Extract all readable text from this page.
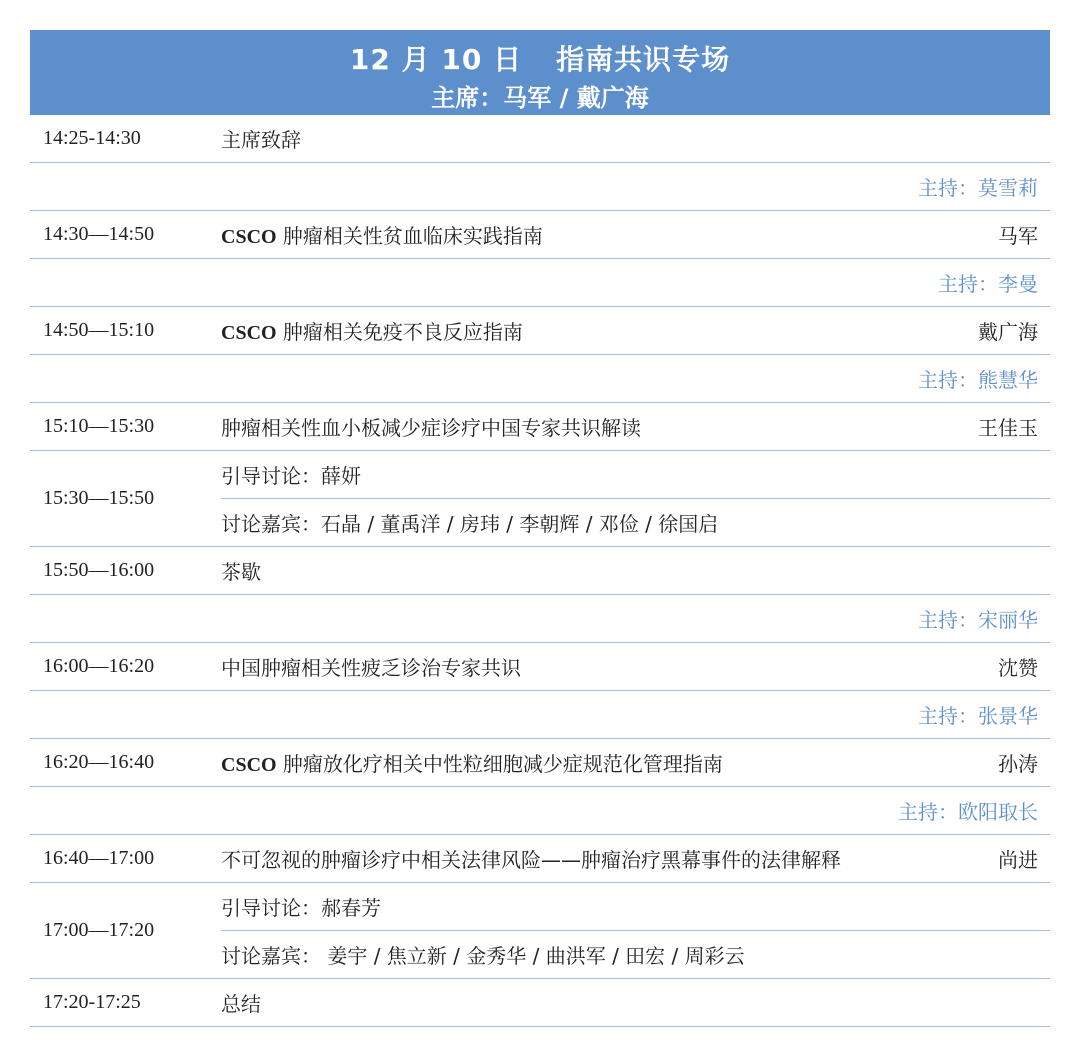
12 月 10 日 指南共识专场
主席：马军 / 戴广海
14:25-14:30	主席致辞	
主持：莫雪莉		
14:30—14:50	CSCO 肿瘤相关性贫血临床实践指南	马军
主持：李曼		
14:50—15:10	CSCO 肿瘤相关免疫不良反应指南	戴广海
主持：熊慧华		
15:10—15:30	肿瘤相关性血小板减少症诊疗中国专家共识解读	王佳玉
15:30—15:50	引导讨论：薛妍	
	讨论嘉宾：石晶 / 董禹洋 / 房玮 / 李朝辉 / 邓俭 / 徐国启	
15:50—16:00	茶歇	
主持：宋丽华		
16:00—16:20	中国肿瘤相关性疲乏诊治专家共识	沈赞
主持：张景华		
16:20—16:40	CSCO 肿瘤放化疗相关中性粒细胞减少症规范化管理指南	孙涛
主持：欧阳取长		
16:40—17:00	不可忽视的肿瘤诊疗中相关法律风险——肿瘤治疗黑幕事件的法律解释	尚进
17:00—17:20	引导讨论：郝春芳	
	讨论嘉宾： 姜宇 / 焦立新 / 金秀华 / 曲洪军 / 田宏 / 周彩云	
17:20-17:25	总结	
